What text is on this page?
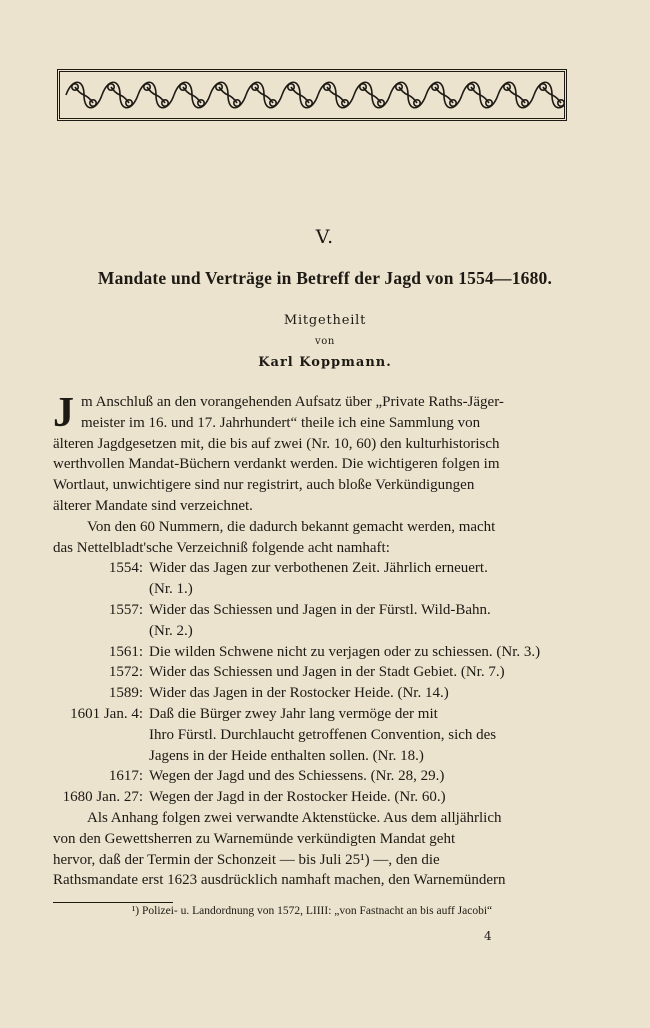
V.
Mandate und Verträge in Betreff der Jagd von 1554—1680.
Mitgetheilt
von
Karl Koppmann.
J m Anschluß an den vorangehenden Aufsatz über „Private Raths-Jäger-
meister im 16. und 17. Jahrhundert“ theile ich eine Sammlung von
älteren Jagdgesetzen mit, die bis auf zwei (Nr. 10, 60) den kulturhistorisch
werthvollen Mandat-Büchern verdankt werden. Die wichtigeren folgen im
Wortlaut, unwichtigere sind nur registrirt, auch bloße Verkündigungen
älterer Mandate sind verzeichnet.
Von den 60 Nummern, die dadurch bekannt gemacht werden, macht
das Nettelbladt'sche Verzeichniß folgende acht namhaft:
1554: Wider das Jagen zur verbothenen Zeit. Jährlich erneuert.
(Nr. 1.)
1557: Wider das Schiessen und Jagen in der Fürstl. Wild-Bahn.
(Nr. 2.)
1561: Die wilden Schwene nicht zu verjagen oder zu schiessen. (Nr. 3.)
1572: Wider das Schiessen und Jagen in der Stadt Gebiet. (Nr. 7.)
1589: Wider das Jagen in der Rostocker Heide. (Nr. 14.)
1601 Jan. 4: Daß die Bürger zwey Jahr lang vermöge der mit
Ihro Fürstl. Durchlaucht getroffenen Convention, sich des
Jagens in der Heide enthalten sollen. (Nr. 18.)
1617: Wegen der Jagd und des Schiessens. (Nr. 28, 29.)
1680 Jan. 27: Wegen der Jagd in der Rostocker Heide. (Nr. 60.)
Als Anhang folgen zwei verwandte Aktenstücke. Aus dem alljährlich
von den Gewettsherren zu Warnemünde verkündigten Mandat geht
hervor, daß der Termin der Schonzeit — bis Juli 25¹) —, den die
Rathsmandate erst 1623 ausdrücklich namhaft machen, den Warnemündern
¹) Polizei- u. Landordnung von 1572, LIIII: „von Fastnacht an bis auff Jacobi“
4
